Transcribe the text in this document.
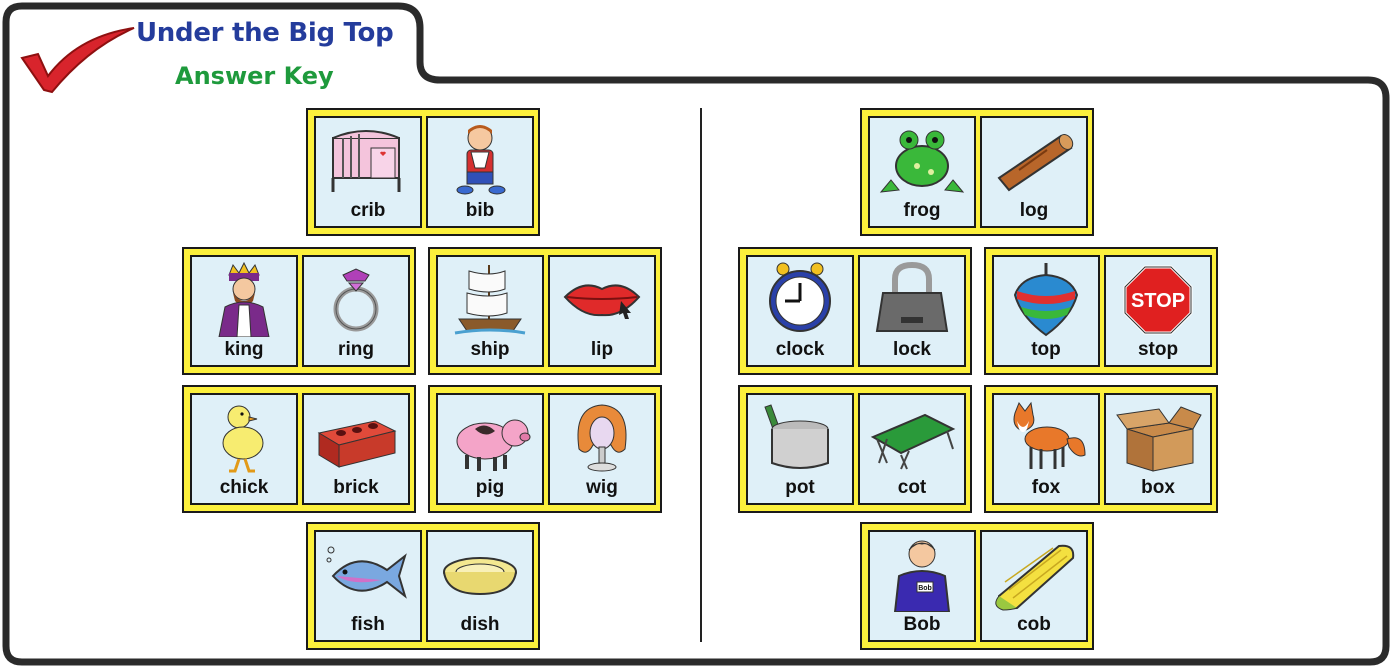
Under the Big Top
Answer Key
crib	bib
king	ring	ship	lip
chick	brick	pig	wig
fish	dish
frog	log
clock	lock	top
STOP
stop
pot	cot	fox	box
Bob
Bob	cob
